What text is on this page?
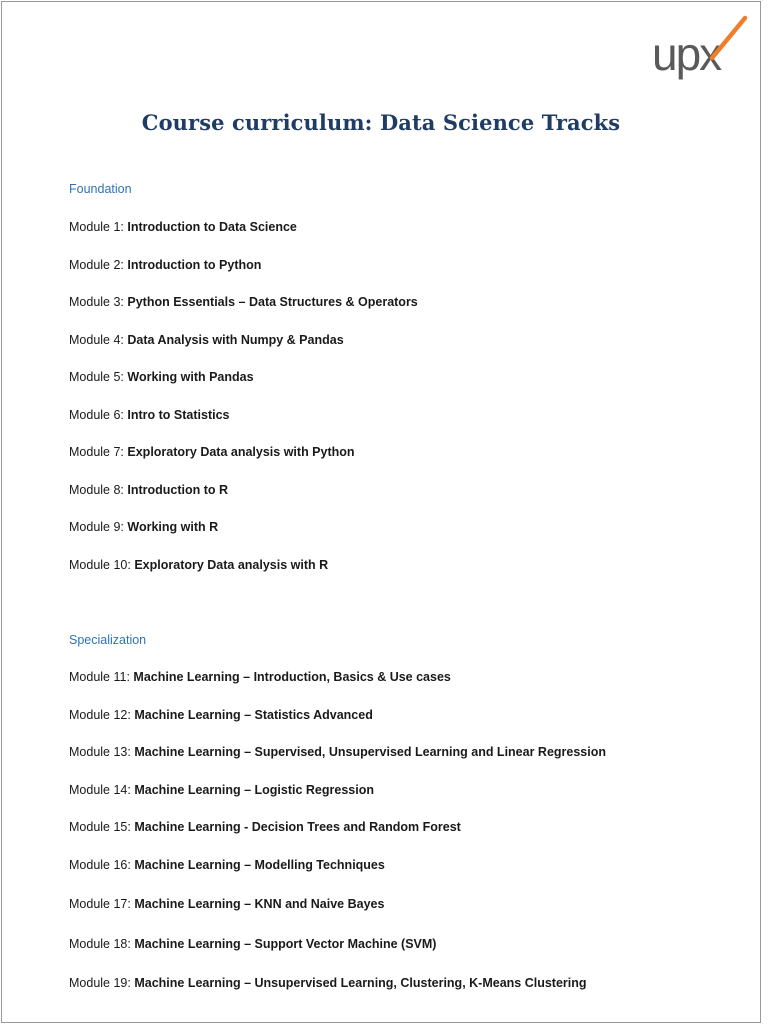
upx
Course curriculum: Data Science Tracks
Foundation
Module 1: Introduction to Data Science
Module 2: Introduction to Python
Module 3: Python Essentials – Data Structures & Operators
Module 4: Data Analysis with Numpy & Pandas
Module 5: Working with Pandas
Module 6: Intro to Statistics
Module 7: Exploratory Data analysis with Python
Module 8: Introduction to R
Module 9: Working with R
Module 10: Exploratory Data analysis with R
Specialization
Module 11: Machine Learning – Introduction, Basics & Use cases
Module 12: Machine Learning – Statistics Advanced
Module 13: Machine Learning – Supervised, Unsupervised Learning and Linear Regression
Module 14: Machine Learning – Logistic Regression
Module 15: Machine Learning - Decision Trees and Random Forest
Module 16: Machine Learning – Modelling Techniques
Module 17: Machine Learning – KNN and Naive Bayes
Module 18: Machine Learning – Support Vector Machine (SVM)
Module 19: Machine Learning – Unsupervised Learning, Clustering, K-Means Clustering
